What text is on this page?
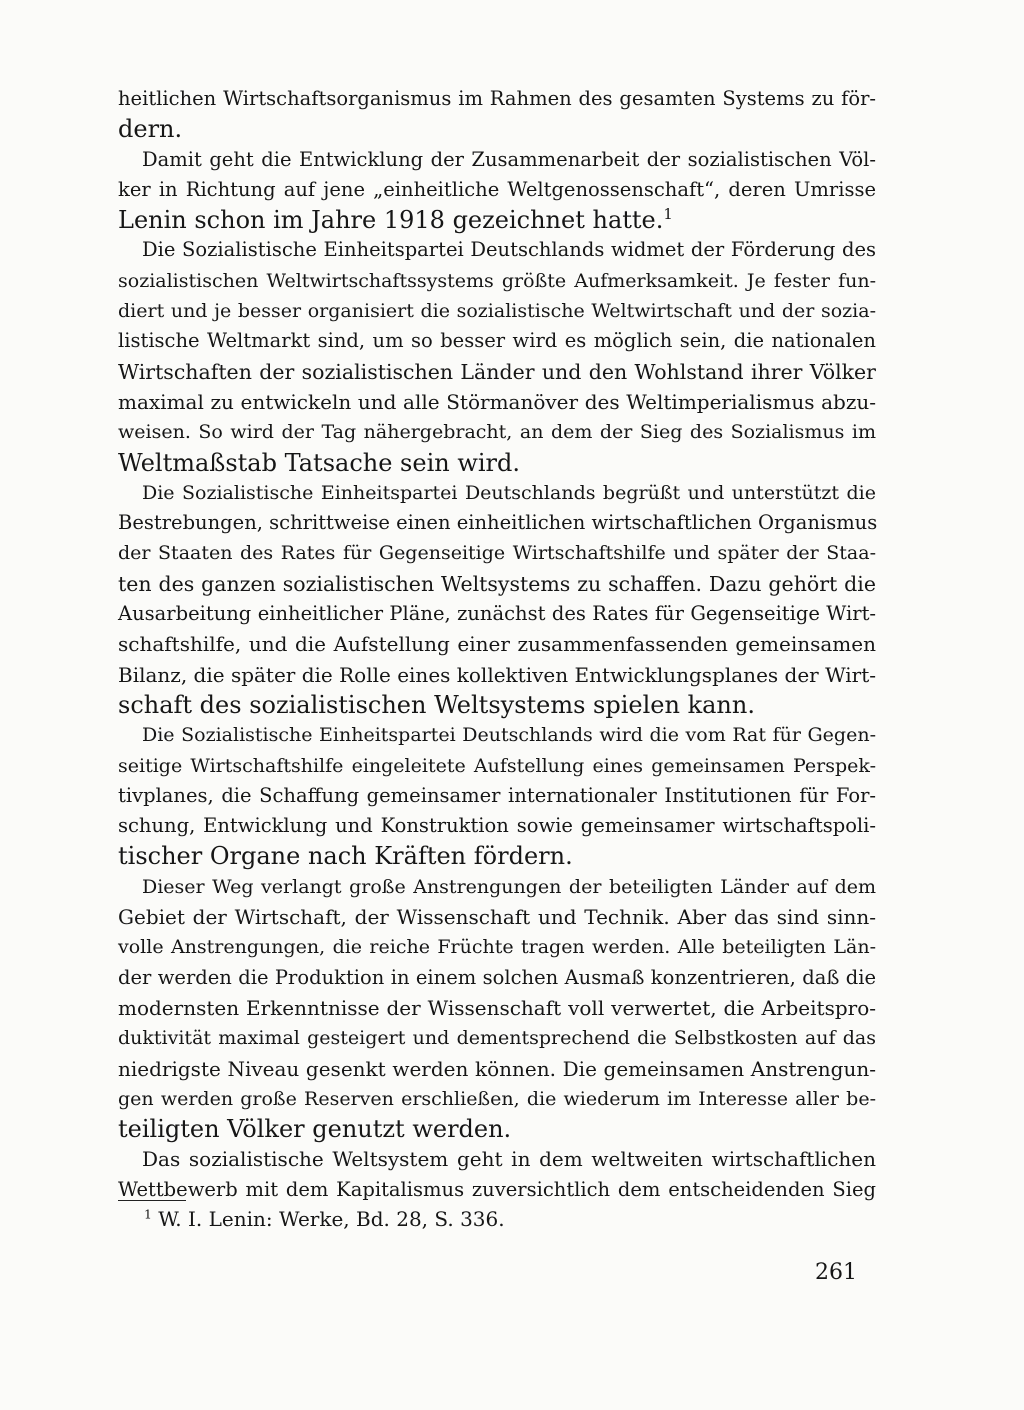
heitlichen Wirtschaftsorganismus im Rahmen des gesamten Systems zu för-
dern.
Damit geht die Entwicklung der Zusammenarbeit der sozialistischen Völ-
ker in Richtung auf jene „einheitliche Weltgenossenschaft“, deren Umrisse
Lenin schon im Jahre 1918 gezeichnet hatte.$^1$
Die Sozialistische Einheitspartei Deutschlands widmet der Förderung des
sozialistischen Weltwirtschaftssystems größte Aufmerksamkeit. Je fester fun-
diert und je besser organisiert die sozialistische Weltwirtschaft und der sozia-
listische Weltmarkt sind, um so besser wird es möglich sein, die nationalen
Wirtschaften der sozialistischen Länder und den Wohlstand ihrer Völker
maximal zu entwickeln und alle Störmanöver des Weltimperialismus abzu-
weisen. So wird der Tag nähergebracht, an dem der Sieg des Sozialismus im
Weltmaßstab Tatsache sein wird.
Die Sozialistische Einheitspartei Deutschlands begrüßt und unterstützt die
Bestrebungen, schrittweise einen einheitlichen wirtschaftlichen Organismus
der Staaten des Rates für Gegenseitige Wirtschaftshilfe und später der Staa-
ten des ganzen sozialistischen Weltsystems zu schaffen. Dazu gehört die
Ausarbeitung einheitlicher Pläne, zunächst des Rates für Gegenseitige Wirt-
schaftshilfe, und die Aufstellung einer zusammenfassenden gemeinsamen
Bilanz, die später die Rolle eines kollektiven Entwicklungsplanes der Wirt-
schaft des sozialistischen Weltsystems spielen kann.
Die Sozialistische Einheitspartei Deutschlands wird die vom Rat für Gegen-
seitige Wirtschaftshilfe eingeleitete Aufstellung eines gemeinsamen Perspek-
tivplanes, die Schaffung gemeinsamer internationaler Institutionen für For-
schung, Entwicklung und Konstruktion sowie gemeinsamer wirtschaftspoli-
tischer Organe nach Kräften fördern.
Dieser Weg verlangt große Anstrengungen der beteiligten Länder auf dem
Gebiet der Wirtschaft, der Wissenschaft und Technik. Aber das sind sinn-
volle Anstrengungen, die reiche Früchte tragen werden. Alle beteiligten Län-
der werden die Produktion in einem solchen Ausmaß konzentrieren, daß die
modernsten Erkenntnisse der Wissenschaft voll verwertet, die Arbeitspro-
duktivität maximal gesteigert und dementsprechend die Selbstkosten auf das
niedrigste Niveau gesenkt werden können. Die gemeinsamen Anstrengun-
gen werden große Reserven erschließen, die wiederum im Interesse aller be-
teiligten Völker genutzt werden.
Das sozialistische Weltsystem geht in dem weltweiten wirtschaftlichen
Wettbewerb mit dem Kapitalismus zuversichtlich dem entscheidenden Sieg
$^1$ W. I. Lenin: Werke, Bd. 28, S. 336.
261
